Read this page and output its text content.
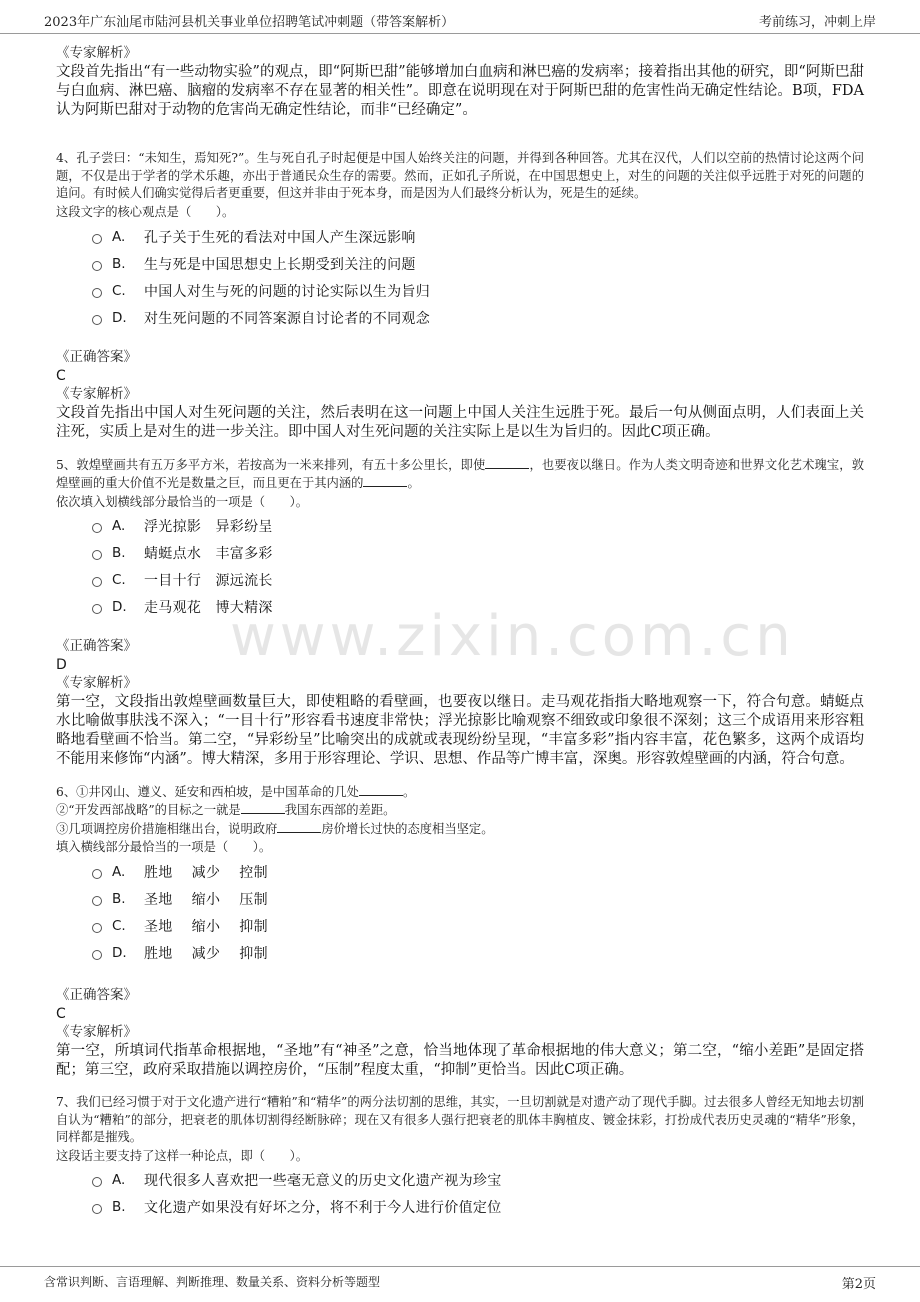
2023年广东汕尾市陆河县机关事业单位招聘笔试冲刺题（带答案解析）	考前练习，冲刺上岸
www.zixin.com.cn
《专家解析》
文段首先指出“有一些动物实验”的观点，即“阿斯巴甜”能够增加白血病和淋巴癌的发病率；接着指出其他的研究，即“阿斯巴甜与白血病、淋巴癌、脑瘤的发病率不存在显著的相关性”。即意在说明现在对于阿斯巴甜的危害性尚无确定性结论。B项，FDA认为阿斯巴甜对于动物的危害尚无确定性结论，而非“已经确定”。
4、孔子尝曰：“未知生，焉知死?”。生与死自孔子时起便是中国人始终关注的问题，并得到各种回答。尤其在汉代，人们以空前的热情讨论这两个问题，不仅是出于学者的学术乐趣，亦出于普通民众生存的需要。然而，正如孔子所说，在中国思想史上，对生的问题的关注似乎远胜于对死的问题的追问。有时候人们确实觉得后者更重要，但这并非由于死本身，而是因为人们最终分析认为，死是生的延续。
这段文字的核心观点是（　　）。
A.	孔子关于生死的看法对中国人产生深远影响
B.	生与死是中国思想史上长期受到关注的问题
C.	中国人对生与死的问题的讨论实际以生为旨归
D.	对生死问题的不同答案源自讨论者的不同观念
《正确答案》
C
《专家解析》
文段首先指出中国人对生死问题的关注，然后表明在这一问题上中国人关注生远胜于死。最后一句从侧面点明，人们表面上关注死，实质上是对生的进一步关注。即中国人对生死问题的关注实际上是以生为旨归的。因此C项正确。
5、敦煌壁画共有五万多平方米，若按高为一米来排列，有五十多公里长，即使	，也要夜以继日。作为人类文明奇迹和世界文化艺术瑰宝，敦煌壁画的重大价值不光是数量之巨，而且更在于其内涵的	。
依次填入划横线部分最恰当的一项是（　　）。
A.	浮光掠影　异彩纷呈
B.	蜻蜓点水　丰富多彩
C.	一目十行　源远流长
D.	走马观花　博大精深
《正确答案》
D
《专家解析》
第一空，文段指出敦煌壁画数量巨大，即使粗略的看壁画，也要夜以继日。走马观花指指大略地观察一下，符合句意。蜻蜓点水比喻做事肤浅不深入；“一目十行”形容看书速度非常快；浮光掠影比喻观察不细致或印象很不深刻；这三个成语用来形容粗略地看壁画不恰当。第二空，“异彩纷呈”比喻突出的成就或表现纷纷呈现，“丰富多彩”指内容丰富，花色繁多，这两个成语均不能用来修饰“内涵”。博大精深，多用于形容理论、学识、思想、作品等广博丰富，深奥。形容敦煌壁画的内涵，符合句意。
6、①井冈山、遵义、延安和西柏坡，是中国革命的几处	。
②“开发西部战略”的目标之一就是	我国东西部的差距。
③几项调控房价措施相继出台，说明政府	房价增长过快的态度相当坚定。
填入横线部分最恰当的一项是（　　）。
A.	胜地　 减少　 控制
B.	圣地　 缩小　 压制
C.	圣地　 缩小　 抑制
D.	胜地　 减少　 抑制
《正确答案》
C
《专家解析》
第一空，所填词代指革命根据地，“圣地”有“神圣”之意，恰当地体现了革命根据地的伟大意义；第二空，“缩小差距”是固定搭配；第三空，政府采取措施以调控房价，“压制”程度太重，“抑制”更恰当。因此C项正确。
7、我们已经习惯于对于文化遗产进行“糟粕”和“精华”的两分法切割的思维，其实，一旦切割就是对遗产动了现代手脚。过去很多人曾经无知地去切割自认为“糟粕”的部分，把衰老的肌体切割得经断脉碎；现在又有很多人强行把衰老的肌体丰胸植皮、镀金抹彩，打扮成代表历史灵魂的“精华”形象，同样都是摧残。
这段话主要支持了这样一种论点，即（　　）。
A.	现代很多人喜欢把一些毫无意义的历史文化遗产视为珍宝
B.	文化遗产如果没有好坏之分，将不利于今人进行价值定位
含常识判断、言语理解、判断推理、数量关系、资料分析等题型	第2页
